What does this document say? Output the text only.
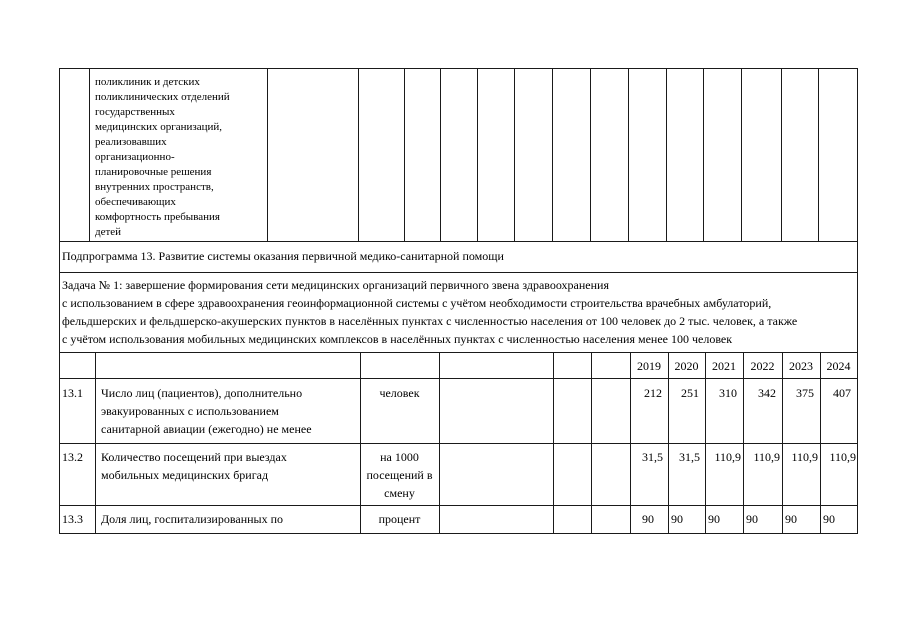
поликлиник и детских
поликлинических отделений
государственных
медицинских организаций,
реализовавших
организационно-
планировочные решения
внутренних пространств,
обеспечивающих
комфортность пребывания
детей
Подпрограмма 13. Развитие системы оказания первичной медико-санитарной помощи
Задача № 1: завершение формирования сети медицинских организаций первичного звена здравоохранения
с использованием в сфере здравоохранения геоинформационной системы с учётом необходимости строительства врачебных амбулаторий,
фельдшерских и фельдшерско-акушерских пунктов в населённых пунктах с численностью населения от 100 человек до 2 тыс. человек, а также
с учётом использования мобильных медицинских комплексов в населённых пунктах с численностью населения менее 100 человек
2019	2020	2021	2022	2023	2024
13.1 Число лиц (пациентов), дополнительно
эвакуированных с использованием
санитарной авиации (ежегодно) не менее
человек	212	251	310	342	375	407
13.2 Количество посещений при выездах
мобильных медицинских бригад
на 1000
посещений в
смену
31,5	31,5	110,9	110,9 110,9 110,9
13.3 Доля лиц, госпитализированных по	процент	90 90 90 90 90 90
